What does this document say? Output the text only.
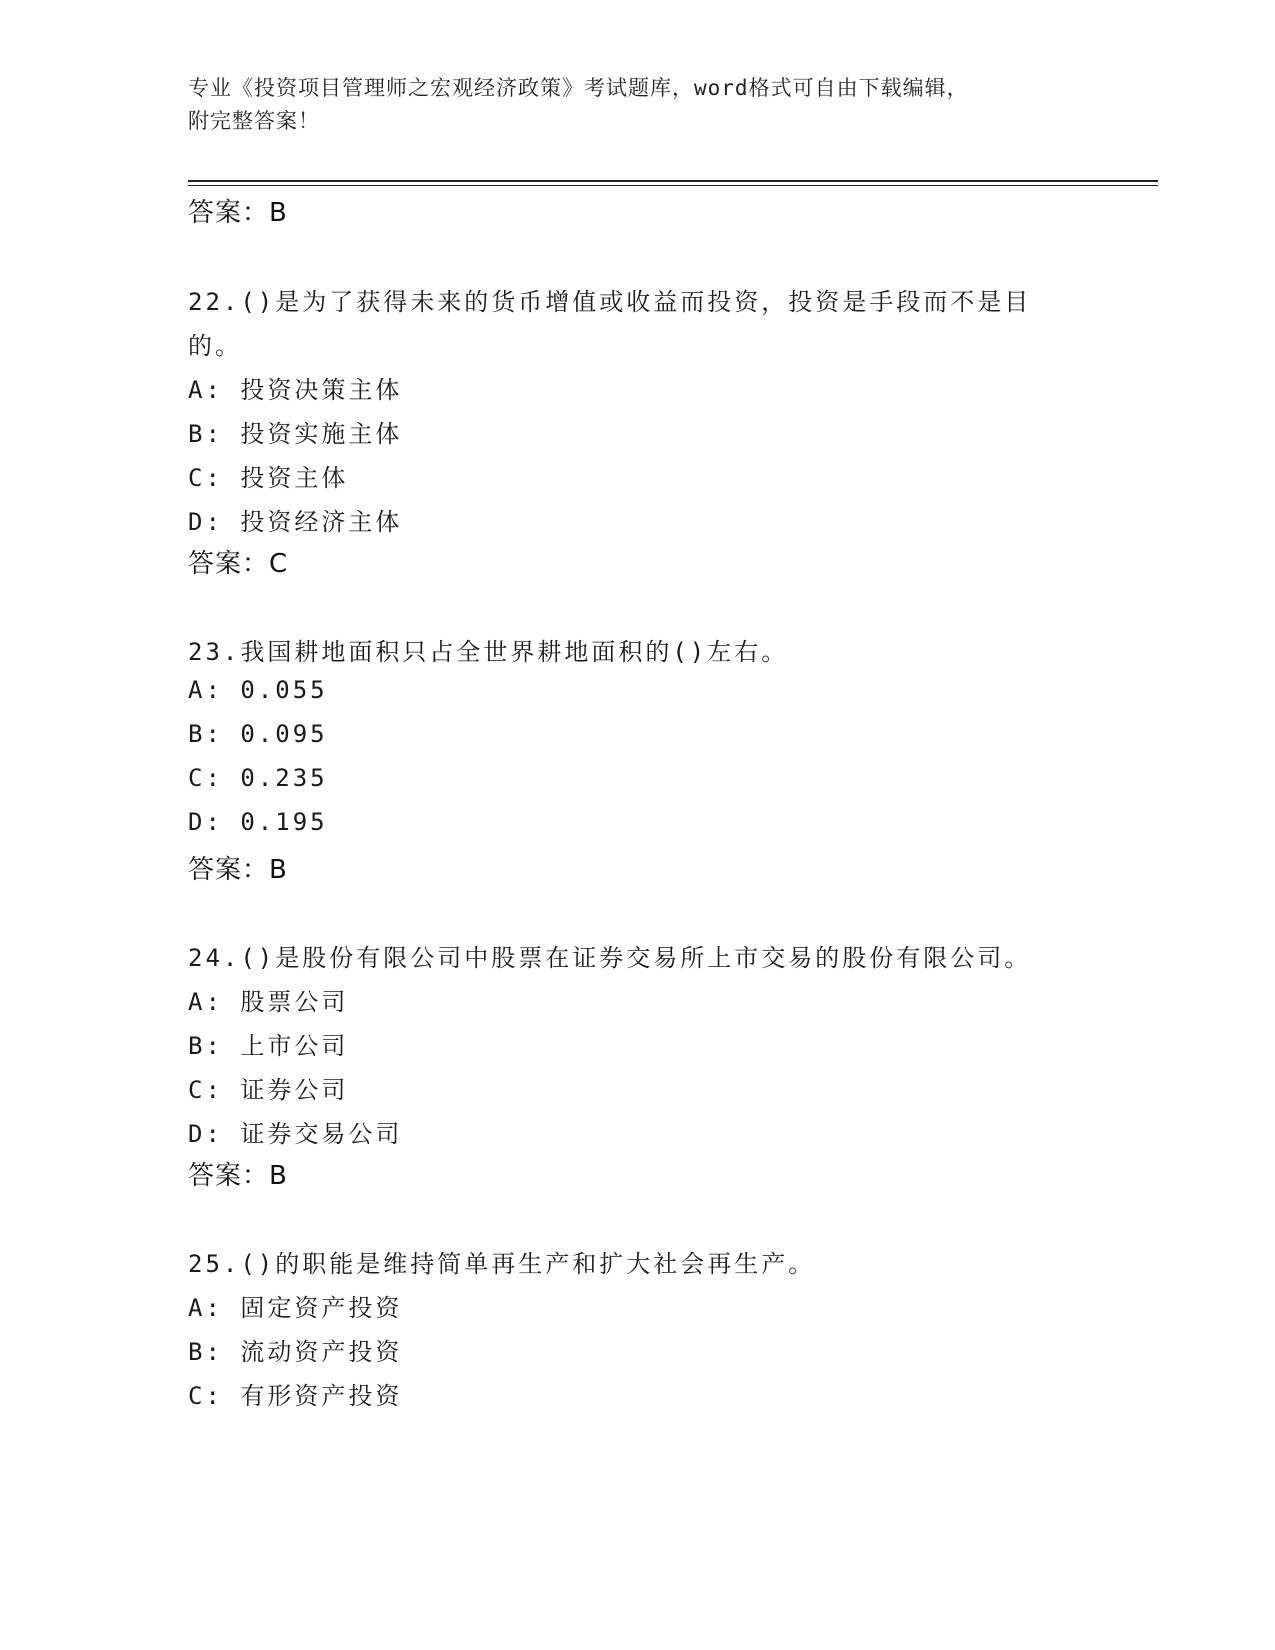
专业《投资项目管理师之宏观经济政策》考试题库，word格式可自由下载编辑，
附完整答案！
答案：B
22.()是为了获得未来的货币增值或收益而投资，投资是手段而不是目
的。
A: 投资决策主体
B: 投资实施主体
C: 投资主体
D: 投资经济主体
答案：C
23.我国耕地面积只占全世界耕地面积的()左右。
A: 0.055
B: 0.095
C: 0.235
D: 0.195
答案：B
24.()是股份有限公司中股票在证券交易所上市交易的股份有限公司。
A: 股票公司
B: 上市公司
C: 证券公司
D: 证券交易公司
答案：B
25.()的职能是维持简单再生产和扩大社会再生产。
A: 固定资产投资
B: 流动资产投资
C: 有形资产投资
